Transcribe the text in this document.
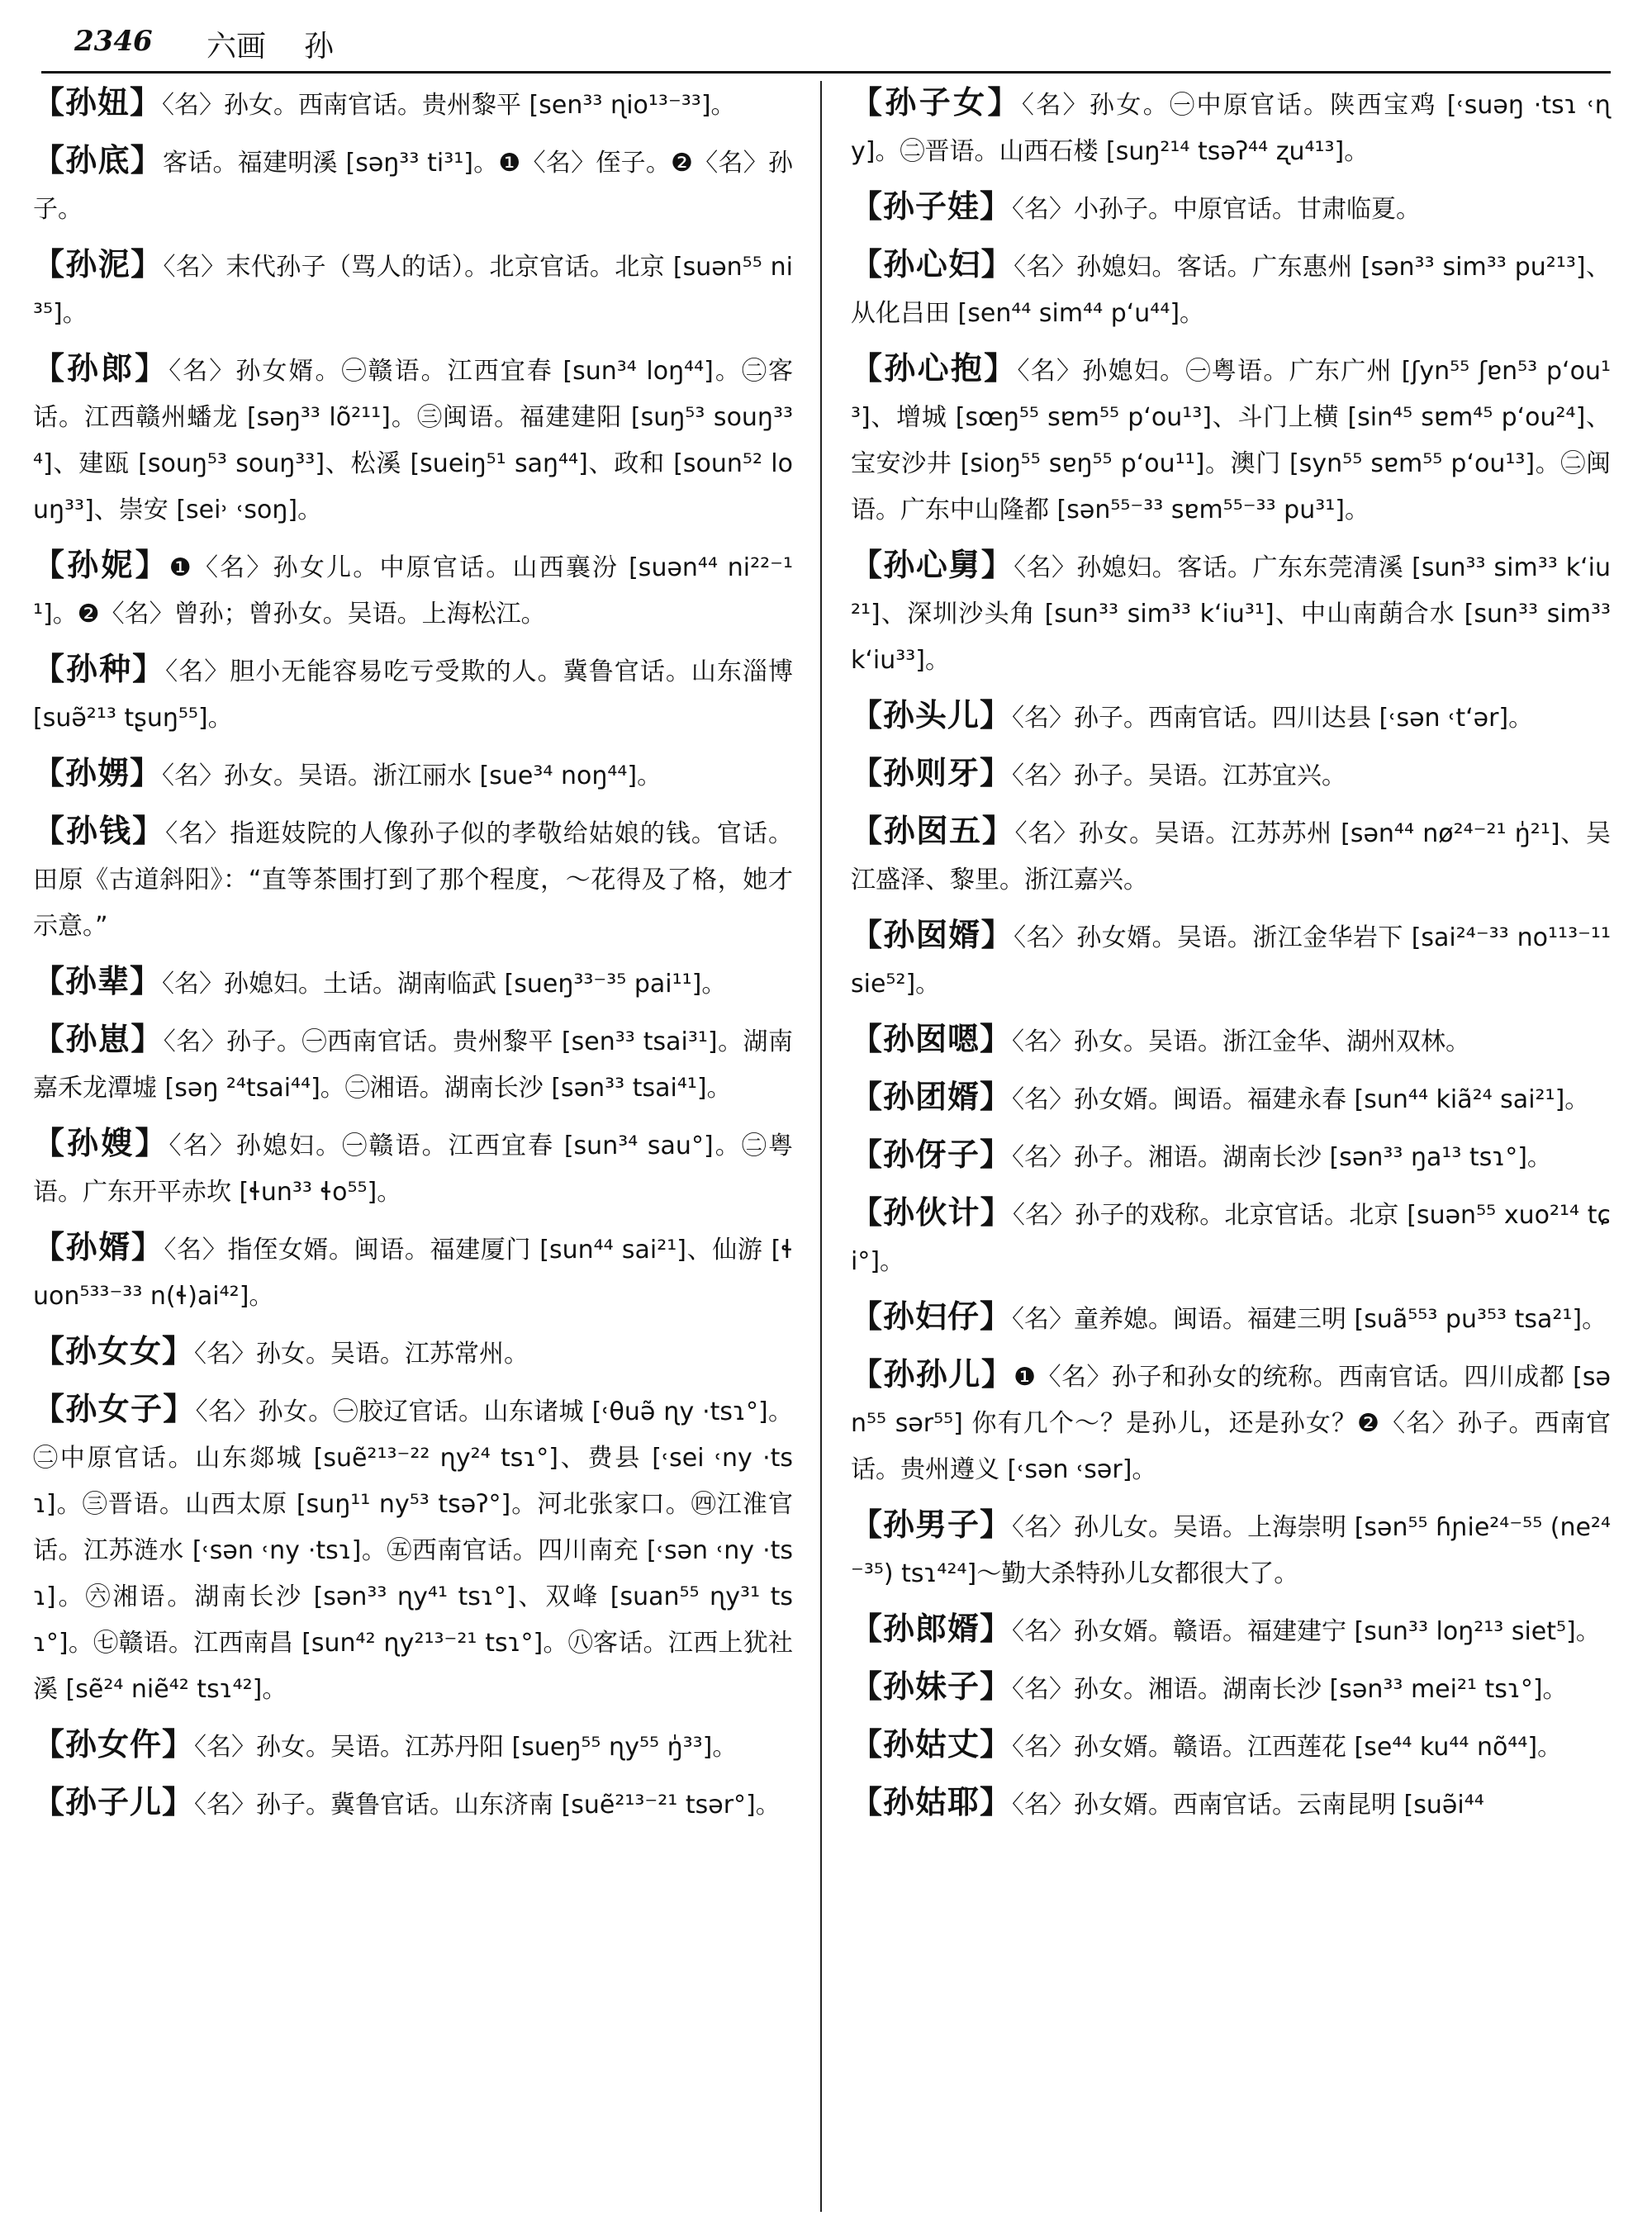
2346 六画 孙
【孙妞】〈名〉孙女。西南官话。贵州黎平 [sen³³ ɳio¹³⁻³³]。
【孙底】客话。福建明溪 [səŋ³³ ti³¹]。❶〈名〉侄子。❷〈名〉孙子。
【孙泥】〈名〉末代孙子（骂人的话）。北京官话。北京 [suən⁵⁵ ni³⁵]。
【孙郎】〈名〉孙女婿。㊀赣语。江西宜春 [sun³⁴ loŋ⁴⁴]。㊁客话。江西赣州蟠龙 [səŋ³³ lõ²¹¹]。㊂闽语。福建建阳 [suŋ⁵³ souŋ³³⁴]、建瓯 [souŋ⁵³ souŋ³³]、松溪 [sueiŋ⁵¹ saŋ⁴⁴]、政和 [soun⁵² louŋ³³]、崇安 [sei˒ ˓soŋ]。
【孙妮】❶〈名〉孙女儿。中原官话。山西襄汾 [suən⁴⁴ ni²²⁻¹¹]。❷〈名〉曾孙；曾孙女。吴语。上海松江。
【孙种】〈名〉胆小无能容易吃亏受欺的人。冀鲁官话。山东淄博 [suə̃²¹³ tʂuŋ⁵⁵]。
【孙娚】〈名〉孙女。吴语。浙江丽水 [sue³⁴ noŋ⁴⁴]。
【孙钱】〈名〉指逛妓院的人像孙子似的孝敬给姑娘的钱。官话。田原《古道斜阳》：“直等茶围打到了那个程度，～花得及了格，她才示意。”
【孙辈】〈名〉孙媳妇。土话。湖南临武 [sueŋ³³⁻³⁵ pai¹¹]。
【孙崽】〈名〉孙子。㊀西南官话。贵州黎平 [sen³³ tsai³¹]。湖南嘉禾龙潭墟 [səŋ ²⁴tsai⁴⁴]。㊁湘语。湖南长沙 [sən³³ tsai⁴¹]。
【孙嫂】〈名〉孙媳妇。㊀赣语。江西宜春 [sun³⁴ sau°]。㊁粤语。广东开平赤坎 [ɬun³³ ɬo⁵⁵]。
【孙婿】〈名〉指侄女婿。闽语。福建厦门 [sun⁴⁴ sai²¹]、仙游 [ɬuon⁵³³⁻³³ n(ɬ)ai⁴²]。
【孙女女】〈名〉孙女。吴语。江苏常州。
【孙女子】〈名〉孙女。㊀胶辽官话。山东诸城 [˓θuə̃ ɳy ·tsɿ°]。㊁中原官话。山东郯城 [suẽ²¹³⁻²² ɳy²⁴ tsɿ°]、费县 [˓sei ˓ny ·tsɿ]。㊂晋语。山西太原 [suŋ¹¹ ny⁵³ tsəʔ°]。河北张家口。㊃江淮官话。江苏涟水 [˓sən ˓ny ·tsɿ]。㊄西南官话。四川南充 [˓sən ˓ny ·tsɿ]。㊅湘语。湖南长沙 [sən³³ ɳy⁴¹ tsɿ°]、双峰 [suan⁵⁵ ɳy³¹ tsɿ°]。㊆赣语。江西南昌 [sun⁴² ɳy²¹³⁻²¹ tsɿ°]。㊇客话。江西上犹社溪 [sẽ²⁴ niẽ⁴² tsɿ⁴²]。
【孙女仵】〈名〉孙女。吴语。江苏丹阳 [sueŋ⁵⁵ ɳy⁵⁵ ŋ̍³³]。
【孙子儿】〈名〉孙子。冀鲁官话。山东济南 [suẽ²¹³⁻²¹ tsər°]。
【孙子女】〈名〉孙女。㊀中原官话。陕西宝鸡 [˓suəŋ ·tsɿ ˓ɳy]。㊁晋语。山西石楼 [suŋ²¹⁴ tsəʔ⁴⁴ ʐu⁴¹³]。
【孙子娃】〈名〉小孙子。中原官话。甘肃临夏。
【孙心妇】〈名〉孙媳妇。客话。广东惠州 [sən³³ sim³³ pu²¹³]、从化吕田 [sen⁴⁴ sim⁴⁴ p‘u⁴⁴]。
【孙心抱】〈名〉孙媳妇。㊀粤语。广东广州 [ʃyn⁵⁵ ʃɐn⁵³ p‘ou¹³]、增城 [sœŋ⁵⁵ sɐm⁵⁵ p‘ou¹³]、斗门上横 [sin⁴⁵ sɐm⁴⁵ p‘ou²⁴]、宝安沙井 [sioŋ⁵⁵ sɐŋ⁵⁵ p‘ou¹¹]。澳门 [syn⁵⁵ sɐm⁵⁵ p‘ou¹³]。㊁闽语。广东中山隆都 [sən⁵⁵⁻³³ sɐm⁵⁵⁻³³ pu³¹]。
【孙心舅】〈名〉孙媳妇。客话。广东东莞清溪 [sun³³ sim³³ k‘iu²¹]、深圳沙头角 [sun³³ sim³³ k‘iu³¹]、中山南蓢合水 [sun³³ sim³³ k‘iu³³]。
【孙头儿】〈名〉孙子。西南官话。四川达县 [˓sən ˓t‘ər]。
【孙则牙】〈名〉孙子。吴语。江苏宜兴。
【孙囡五】〈名〉孙女。吴语。江苏苏州 [sən⁴⁴ nø²⁴⁻²¹ ŋ̍²¹]、吴江盛泽、黎里。浙江嘉兴。
【孙囡婿】〈名〉孙女婿。吴语。浙江金华岩下 [sai²⁴⁻³³ no¹¹³⁻¹¹ sie⁵²]。
【孙囡嗯】〈名〉孙女。吴语。浙江金华、湖州双林。
【孙团婿】〈名〉孙女婿。闽语。福建永春 [sun⁴⁴ kiã²⁴ sai²¹]。
【孙伢子】〈名〉孙子。湘语。湖南长沙 [sən³³ ŋa¹³ tsɿ°]。
【孙伙计】〈名〉孙子的戏称。北京官话。北京 [suən⁵⁵ xuo²¹⁴ tɕi°]。
【孙妇仔】〈名〉童养媳。闽语。福建三明 [suã⁵⁵³ pu³⁵³ tsa²¹]。
【孙孙儿】❶〈名〉孙子和孙女的统称。西南官话。四川成都 [sən⁵⁵ sər⁵⁵] 你有几个～？是孙儿，还是孙女？❷〈名〉孙子。西南官话。贵州遵义 [˓sən ˓sər]。
【孙男子】〈名〉孙儿女。吴语。上海崇明 [sən⁵⁵ ɦɲie²⁴⁻⁵⁵ (ne²⁴⁻³⁵) tsɿ⁴²⁴]～勤大杀特孙儿女都很大了。
【孙郎婿】〈名〉孙女婿。赣语。福建建宁 [sun³³ loŋ²¹³ siet⁵]。
【孙妹子】〈名〉孙女。湘语。湖南长沙 [sən³³ mei²¹ tsɿ°]。
【孙姑丈】〈名〉孙女婿。赣语。江西莲花 [se⁴⁴ ku⁴⁴ nõ⁴⁴]。
【孙姑耶】〈名〉孙女婿。西南官话。云南昆明 [suə̃i⁴⁴
